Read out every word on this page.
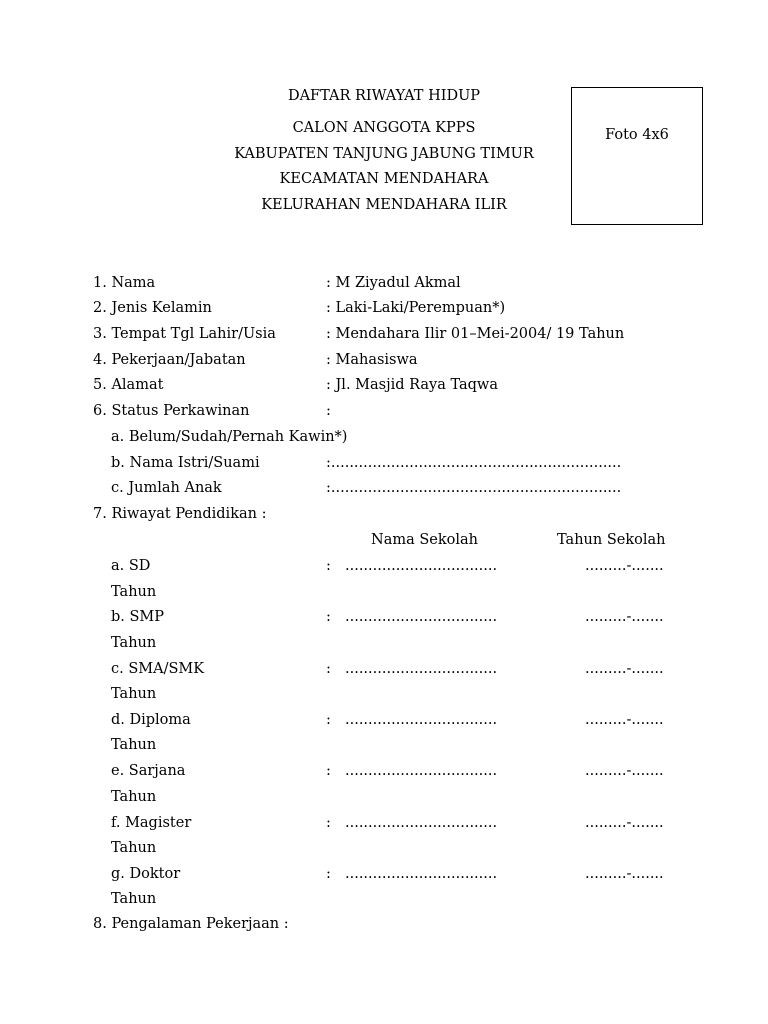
DAFTAR RIWAYAT HIDUP
CALON ANGGOTA KPPS
KABUPATEN TANJUNG JABUNG TIMUR
KECAMATAN MENDAHARA
KELURAHAN MENDAHARA ILIR
Foto 4x6
1. Nama	: M Ziyadul Akmal
2. Jenis Kelamin	: Laki-Laki/Perempuan*)
3. Tempat Tgl Lahir/Usia	: Mendahara Ilir 01–Mei-2004/ 19 Tahun
4. Pekerjaan/Jabatan	: Mahasiswa
5. Alamat	: Jl. Masjid Raya Taqwa
6. Status Perkawinan	:
a. Belum/Sudah/Pernah Kawin*)
b. Nama Istri/Suami	:...............................................................
c. Jumlah Anak	:...............................................................
7. Riwayat Pendidikan :
Nama Sekolah	Tahun Sekolah
a. SD	: .................................	.........-.......
Tahun
b. SMP	: .................................	.........-.......
Tahun
c. SMA/SMK	: .................................	.........-.......
Tahun
d. Diploma	: .................................	.........-.......
Tahun
e. Sarjana	: .................................	.........-.......
Tahun
f. Magister	: .................................	.........-.......
Tahun
g. Doktor	: .................................	.........-.......
Tahun
8. Pengalaman Pekerjaan :
